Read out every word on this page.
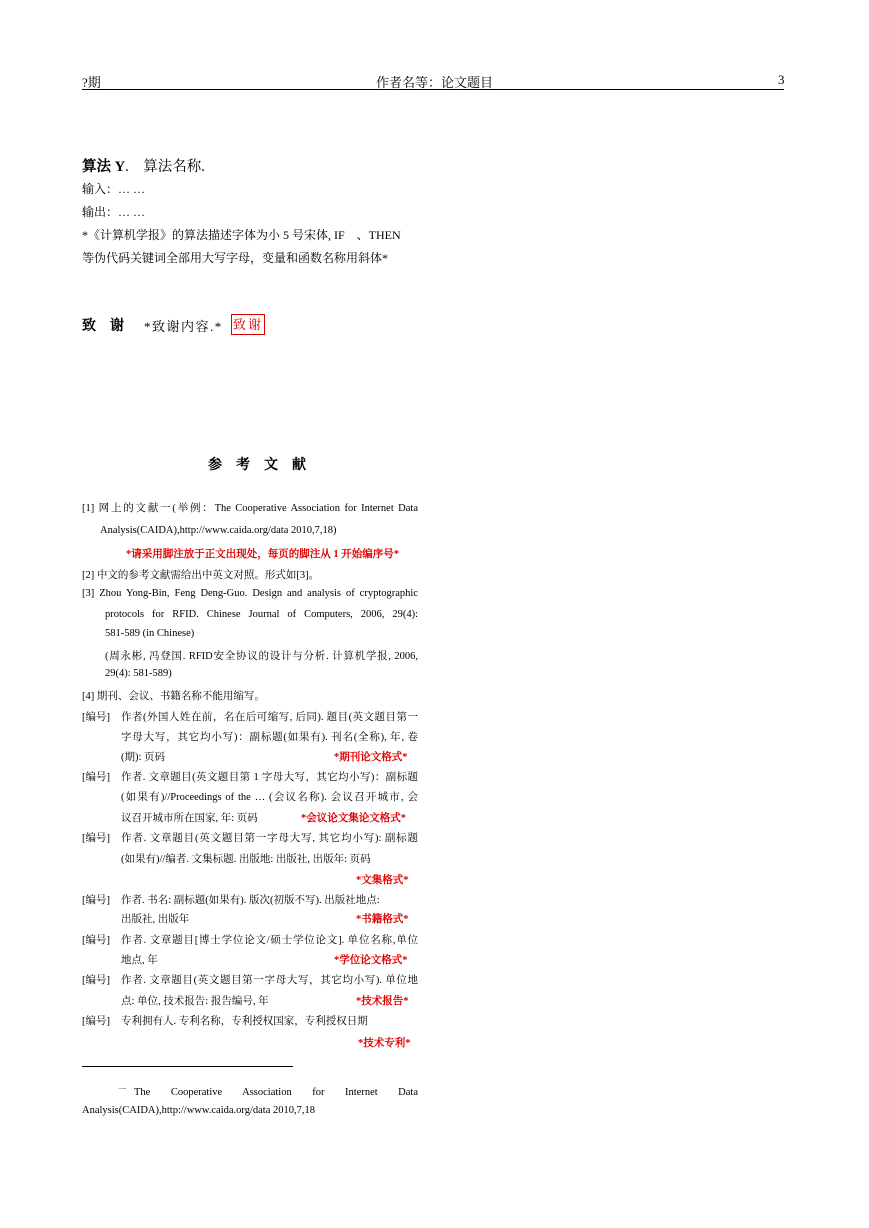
?期	作者名等：论文题目	3
算法 Y.　算法名称.
输入：… …
输出：… …
*《计算机学报》的算法描述字体为小 5 号宋体, IF　、THEN
等伪代码关键词全部用大写字母，变量和函数名称用斜体*
致　谢 *致谢内容.* 致谢
参　考　文　献
[1] 网上的文献一(举例：The Cooperative Association for Internet Data
Analysis(CAIDA),http://www.caida.org/data 2010,7,18)
*请采用脚注放于正文出现处，每页的脚注从 1 开始编序号*
[2] 中文的参考文献需给出中英文对照。形式如[3]。
[3] Zhou Yong-Bin, Feng Deng-Guo. Design and analysis of cryptographic
protocols for RFID. Chinese Journal of Computers, 2006, 29(4):
581-589 (in Chinese)
(周永彬, 冯登国. RFID安全协议的设计与分析. 计算机学报, 2006,
29(4): 581-589)
[4] 期刊、会议、书籍名称不能用缩写。
[编号] 作者(外国人姓在前，名在后可缩写, 后同). 题目(英文题目第一
字母大写，其它均小写)：副标题(如果有). 刊名(全称), 年, 卷
(期): 页码	*期刊论文格式*
[编号] 作者. 文章题目(英文题目第 1 字母大写，其它均小写)：副标题
(如果有)//Proceedings of the … (会议名称). 会议召开城市, 会
议召开城市所在国家, 年: 页码	*会议论文集论文格式*
[编号] 作者. 文章题目(英文题目第一字母大写, 其它均小写): 副标题
(如果有)//编者. 文集标题. 出版地: 出版社, 出版年: 页码
*文集格式*
[编号] 作者. 书名: 副标题(如果有). 版次(初版不写). 出版社地点:
出版社, 出版年	*书籍格式*
[编号] 作者. 文章题目[博士学位论文/硕士学位论文]. 单位名称,单位
地点, 年	*学位论文格式*
[编号] 作者. 文章题目(英文题目第一字母大写，其它均小写). 单位地
点: 单位, 技术报告: 报告编号, 年	*技术报告*
[编号] 专利拥有人. 专利名称，专利授权国家，专利授权日期
*技术专利*
一 The Cooperative Association for Internet Data
Analysis(CAIDA),http://www.caida.org/data 2010,7,18
